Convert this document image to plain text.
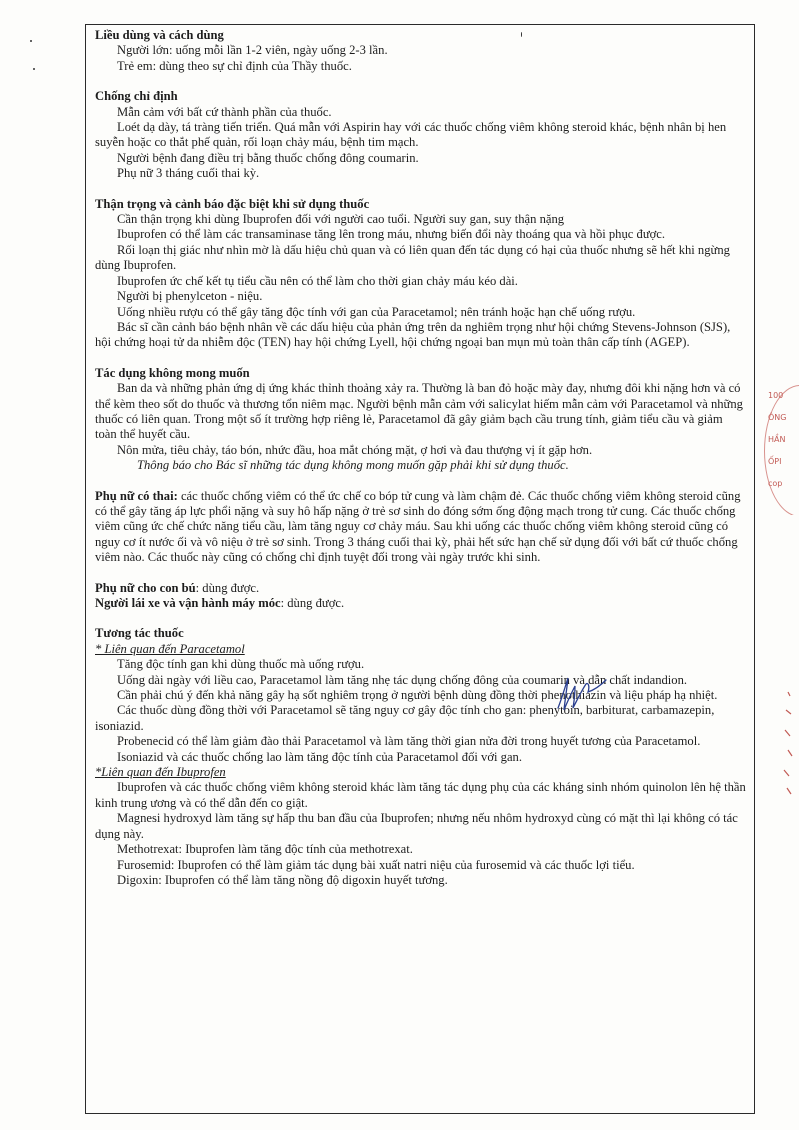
Liều dùng và cách dùng

Người lớn: uống mỗi lần 1-2 viên, ngày uống 2-3 lần.

Trẻ em: dùng theo sự chỉ định của Thầy thuốc.

Chống chỉ định

Mẫn cảm với bất cứ thành phần của thuốc.

Loét dạ dày, tá tràng tiến triển. Quá mẫn với Aspirin hay với các thuốc chống viêm không steroid khác, bệnh nhân bị hen suyễn hoặc co thắt phế quản, rối loạn chảy máu, bệnh tim mạch.

Người bệnh đang điều trị bằng thuốc chống đông coumarin.

Phụ nữ 3 tháng cuối thai kỳ.

Thận trọng và cảnh báo đặc biệt khi sử dụng thuốc

Cần thận trọng khi dùng Ibuprofen đối với người cao tuổi. Người suy gan, suy thận nặng

Ibuprofen có thể làm các transaminase tăng lên trong máu, nhưng biến đổi này thoáng qua và hồi phục được.

Rối loạn thị giác như nhìn mờ là dấu hiệu chủ quan và có liên quan đến tác dụng có hại của thuốc nhưng sẽ hết khi ngừng dùng Ibuprofen.

Ibuprofen ức chế kết tụ tiểu cầu nên có thể làm cho thời gian chảy máu kéo dài.

Người bị phenylceton - niệu.

Uống nhiều rượu có thể gây tăng độc tính với gan của Paracetamol; nên tránh hoặc hạn chế uống rượu.

Bác sĩ cần cảnh báo bệnh nhân về các dấu hiệu của phản ứng trên da nghiêm trọng như hội chứng Stevens-Johnson (SJS), hội chứng hoại tử da nhiễm độc (TEN) hay hội chứng Lyell, hội chứng ngoại ban mụn mủ toàn thân cấp tính (AGEP).

Tác dụng không mong muốn

Ban da và những phản ứng dị ứng khác thỉnh thoảng xảy ra. Thường là ban đỏ hoặc mày đay, nhưng đôi khi nặng hơn và có thể kèm theo sốt do thuốc và thương tổn niêm mạc. Người bệnh mẫn cảm với salicylat hiếm mẫn cảm với Paracetamol và những thuốc có liên quan. Trong một số ít trường hợp riêng lẻ, Paracetamol đã gây giảm bạch cầu trung tính, giảm tiểu cầu và giảm toàn thể huyết cầu.

Nôn mửa, tiêu chảy, táo bón, nhức đầu, hoa mắt chóng mặt, ợ hơi và đau thượng vị ít gặp hơn.

Thông báo cho Bác sĩ những tác dụng không mong muốn gặp phải khi sử dụng thuốc.

Phụ nữ có thai: các thuốc chống viêm có thể ức chế co bóp tử cung và làm chậm đẻ. Các thuốc chống viêm không steroid cũng có thể gây tăng áp lực phổi nặng và suy hô hấp nặng ở trẻ sơ sinh do đóng sớm ống động mạch trong tử cung. Các thuốc chống viêm cũng ức chế chức năng tiểu cầu, làm tăng nguy cơ chảy máu. Sau khi uống các thuốc chống viêm không steroid cũng có nguy cơ ít nước ối và vô niệu ở trẻ sơ sinh. Trong 3 tháng cuối thai kỳ, phải hết sức hạn chế sử dụng đối với bất cứ thuốc chống viêm nào. Các thuốc này cũng có chống chỉ định tuyệt đối trong vài ngày trước khi sinh.

Phụ nữ cho con bú: dùng được.

Người lái xe và vận hành máy móc: dùng được.

Tương tác thuốc

* Liên quan đến Paracetamol

Tăng độc tính gan khi dùng thuốc mà uống rượu.

Uống dài ngày với liều cao, Paracetamol làm tăng nhẹ tác dụng chống đông của coumarin và dẫn chất indandion.

Cần phải chú ý đến khả năng gây hạ sốt nghiêm trọng ở người bệnh dùng đồng thời phenothiazin và liệu pháp hạ nhiệt.

Các thuốc dùng đồng thời với Paracetamol sẽ tăng nguy cơ gây độc tính cho gan: phenytoin, barbiturat, carbamazepin, isoniazid.

Probenecid có thể làm giảm đào thải Paracetamol và làm tăng thời gian nửa đời trong huyết tương của Paracetamol.

Isoniazid và các thuốc chống lao làm tăng độc tính của Paracetamol đối với gan.

*Liên quan đến Ibuprofen

Ibuprofen và các thuốc chống viêm không steroid khác làm tăng tác dụng phụ của các kháng sinh nhóm quinolon lên hệ thần kinh trung ương và có thể dẫn đến co giật.

Magnesi hydroxyd làm tăng sự hấp thu ban đầu của Ibuprofen; nhưng nếu nhôm hydroxyd cùng có mặt thì lại không có tác dụng này.

Methotrexat: Ibuprofen làm tăng độc tính của methotrexat.

Furosemid: Ibuprofen có thể làm giảm tác dụng bài xuất natri niệu của furosemid và các thuốc lợi tiểu.

Digoxin: Ibuprofen có thể làm tăng nồng độ digoxin huyết tương.

100
ÔNG
HẦN
ỐPI
cop
